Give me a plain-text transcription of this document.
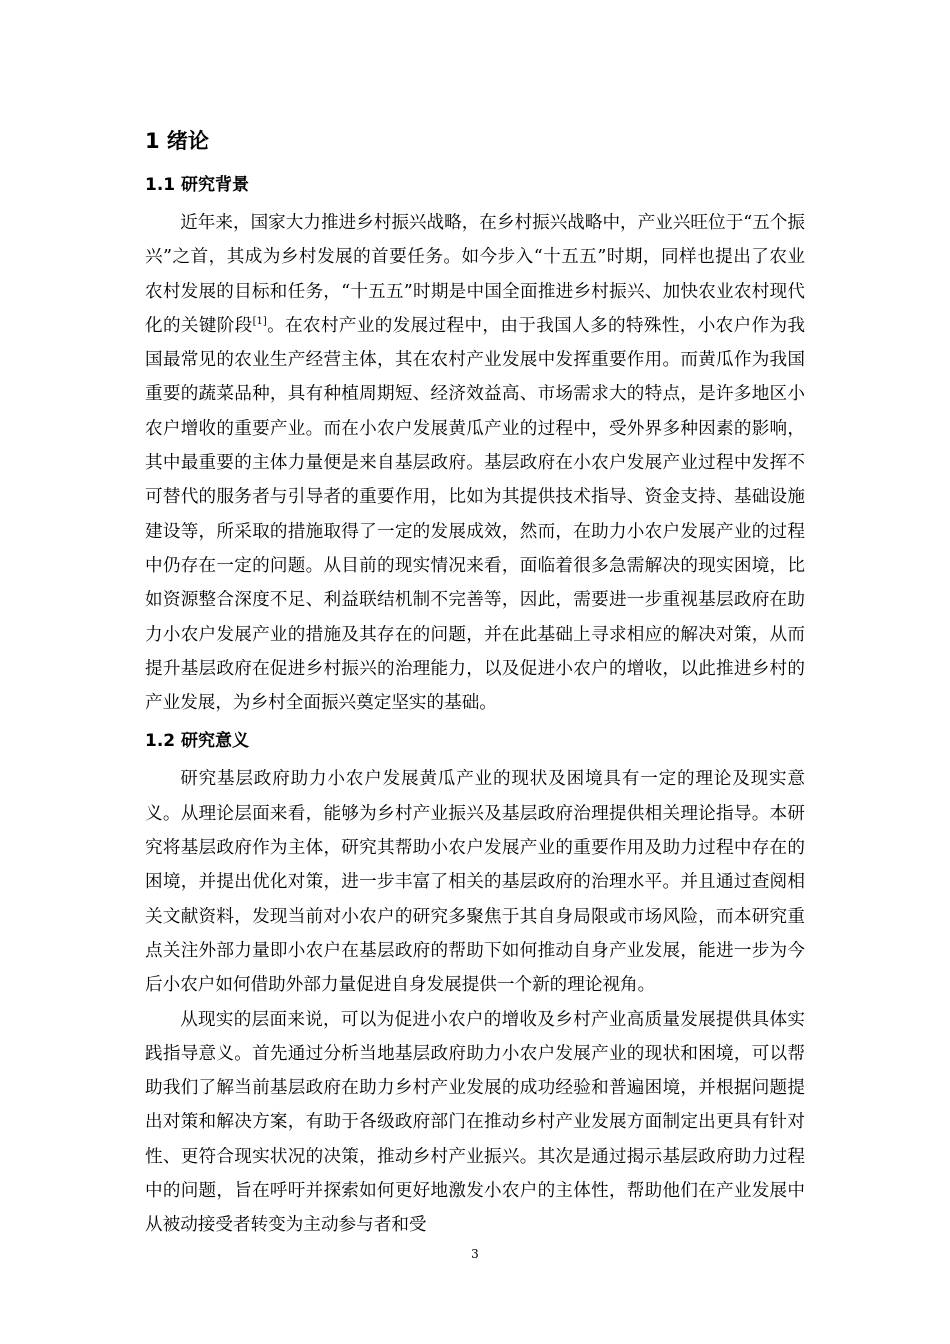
1 绪论
1.1 研究背景

近年来，国家大力推进乡村振兴战略，在乡村振兴战略中，产业兴旺位于“五个振兴”之首，其成为乡村发展的首要任务。如今步入“十五五”时期，同样也提出了农业农村发展的目标和任务，“十五五”时期是中国全面推进乡村振兴、加快农业农村现代化的关键阶段[1]。在农村产业的发展过程中，由于我国人多的特殊性，小农户作为我国最常见的农业生产经营主体，其在农村产业发展中发挥重要作用。而黄瓜作为我国重要的蔬菜品种，具有种植周期短、经济效益高、市场需求大的特点，是许多地区小农户增收的重要产业。而在小农户发展黄瓜产业的过程中，受外界多种因素的影响，其中最重要的主体力量便是来自基层政府。基层政府在小农户发展产业过程中发挥不可替代的服务者与引导者的重要作用，比如为其提供技术指导、资金支持、基础设施建设等，所采取的措施取得了一定的发展成效，然而，在助力小农户发展产业的过程中仍存在一定的问题。从目前的现实情况来看，面临着很多急需解决的现实困境，比如资源整合深度不足、利益联结机制不完善等，因此，需要进一步重视基层政府在助力小农户发展产业的措施及其存在的问题，并在此基础上寻求相应的解决对策，从而提升基层政府在促进乡村振兴的治理能力，以及促进小农户的增收，以此推进乡村的产业发展，为乡村全面振兴奠定坚实的基础。

1.2 研究意义

研究基层政府助力小农户发展黄瓜产业的现状及困境具有一定的理论及现实意义。从理论层面来看，能够为乡村产业振兴及基层政府治理提供相关理论指导。本研究将基层政府作为主体，研究其帮助小农户发展产业的重要作用及助力过程中存在的困境，并提出优化对策，进一步丰富了相关的基层政府的治理水平。并且通过查阅相关文献资料，发现当前对小农户的研究多聚焦于其自身局限或市场风险，而本研究重点关注外部力量即小农户在基层政府的帮助下如何推动自身产业发展，能进一步为今后小农户如何借助外部力量促进自身发展提供一个新的理论视角。

从现实的层面来说，可以为促进小农户的增收及乡村产业高质量发展提供具体实践指导意义。首先通过分析当地基层政府助力小农户发展产业的现状和困境，可以帮助我们了解当前基层政府在助力乡村产业发展的成功经验和普遍困境，并根据问题提出对策和解决方案，有助于各级政府部门在推动乡村产业发展方面制定出更具有针对性、更符合现实状况的决策，推动乡村产业振兴。其次是通过揭示基层政府助力过程中的问题，旨在呼吁并探索如何更好地激发小农户的主体性，帮助他们在产业发展中从被动接受者转变为主动参与者和受

3
